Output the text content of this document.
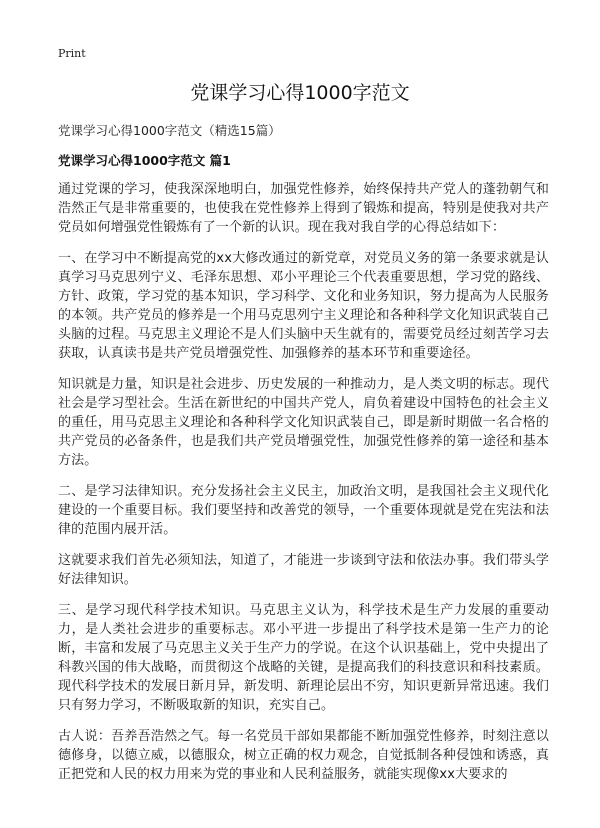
Print
党课学习心得1000字范文
党课学习心得1000字范文（精选15篇）
党课学习心得1000字范文 篇1

通过党课的学习，使我深深地明白，加强党性修养，始终保持共产党人的蓬勃朝气和浩然正气是非常重要的，也使我在党性修养上得到了锻炼和提高，特别是使我对共产党员如何增强党性锻炼有了一个新的认识。现在我对我自学的心得总结如下：

一、在学习中不断提高党的xx大修改通过的新党章，对党员义务的第一条要求就是认真学习马克思列宁义、毛泽东思想、邓小平理论三个代表重要思想，学习党的路线、方针、政策，学习党的基本知识，学习科学、文化和业务知识，努力提高为人民服务的本领。共产党员的修养是一个用马克思列宁主义理论和各种科学文化知识武装自己头脑的过程。马克思主义理论不是人们头脑中天生就有的，需要党员经过刻苦学习去获取，认真读书是共产党员增强党性、加强修养的基本环节和重要途径。

知识就是力量，知识是社会进步、历史发展的一种推动力，是人类文明的标志。现代社会是学习型社会。生活在新世纪的中国共产党人，肩负着建设中国特色的社会主义的重任，用马克思主义理论和各种科学文化知识武装自己，即是新时期做一名合格的共产党员的必备条件，也是我们共产党员增强党性，加强党性修养的第一途径和基本方法。

二、是学习法律知识。充分发扬社会主义民主，加政治文明，是我国社会主义现代化建设的一个重要目标。我们要坚持和改善党的领导，一个重要体现就是党在宪法和法律的范围内展开活。

这就要求我们首先必须知法，知道了，才能进一步谈到守法和依法办事。我们带头学好法律知识。

三、是学习现代科学技术知识。马克思主义认为，科学技术是生产力发展的重要动力，是人类社会进步的重要标志。邓小平进一步提出了科学技术是第一生产力的论断，丰富和发展了马克思主义关于生产力的学说。在这个认识基础上，党中央提出了科教兴国的伟大战略，而贯彻这个战略的关键，是提高我们的科技意识和科技素质。现代科学技术的发展日新月异，新发明、新理论层出不穷，知识更新异常迅速。我们只有努力学习，不断吸取新的知识，充实自己。

古人说：吾养吾浩然之气。每一名党员干部如果都能不断加强党性修养，时刻注意以德修身，以德立威，以德服众，树立正确的权力观念，自觉抵制各种侵蚀和诱惑，真正把党和人民的权力用来为党的事业和人民利益服务，就能实现像xx大要求的
